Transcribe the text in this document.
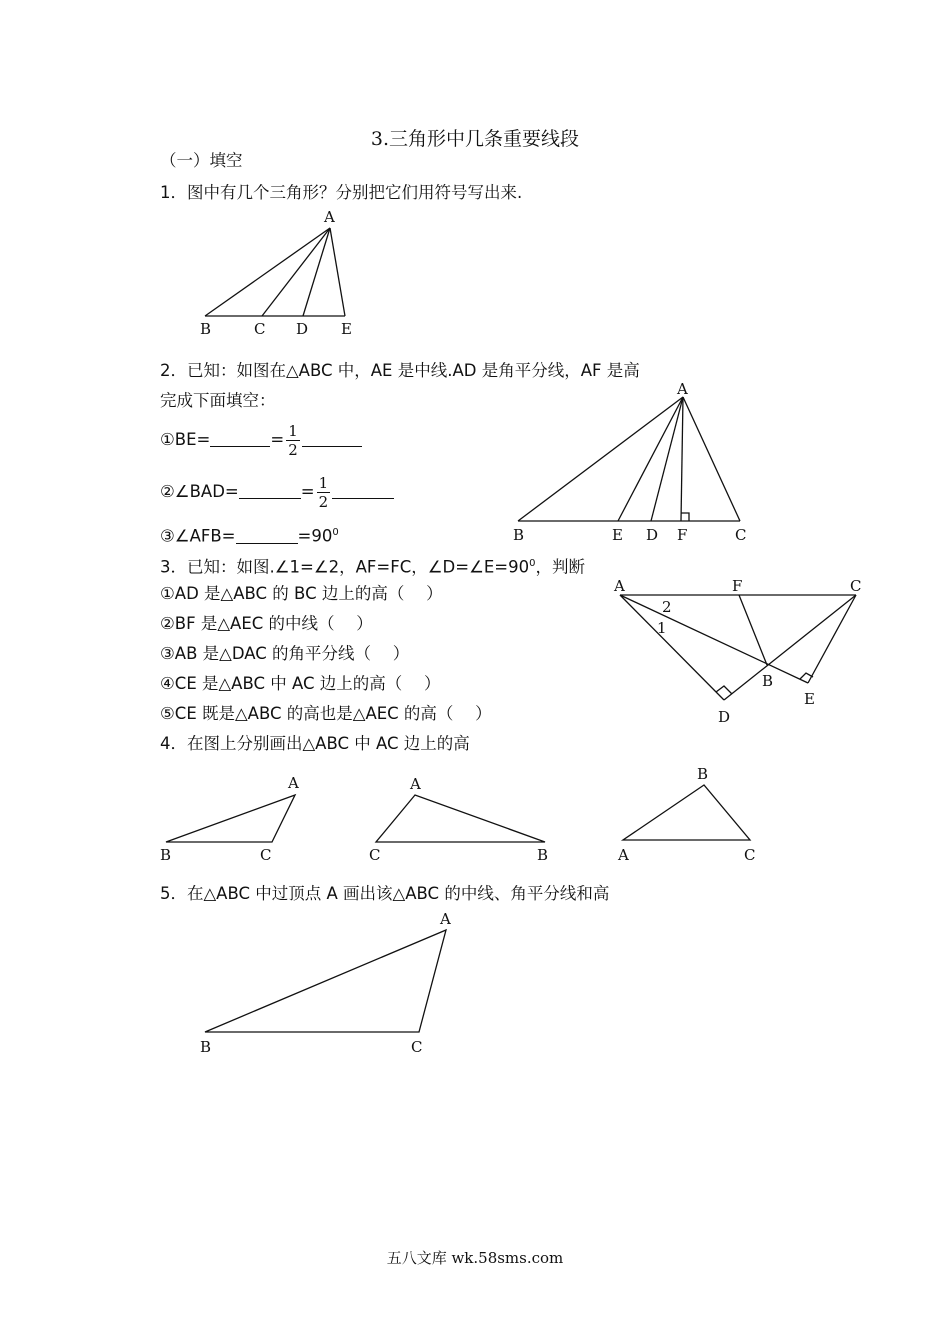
3.三角形中几条重要线段
（一）填空
1．图中有几个三角形？分别把它们用符号写出来.
A
B	C D E
2．已知：如图在△ABC 中，AE 是中线.AD 是角平分线，AF 是高
完成下面填空：
①BE=	= $\frac{1}{2}$
②∠BAD=	= $\frac{1}{2}$
③∠AFB=	$=90^0$
A
B	E D F	C
3．已知：如图.∠1=∠2，AF=FC，$\angle D=\angle E=90^0$，判断
①AD 是△ABC 的 BC 边上的高（　 ）
②BF 是△AEC 的中线（　 ）
③AB 是△DAC 的角平分线（　 ）
④CE 是△ABC 中 AC 边上的高（　 ）
⑤CE 既是△ABC 的高也是△AEC 的高（　 ）
A	F	C
2
1
B
D
E
4．在图上分别画出△ABC 中 AC 边上的高
A
B	C
A
C	B
B
A	C
5．在△ABC 中过顶点 A 画出该△ABC 的中线、角平分线和高
A
B	C
五八文库 wk.58sms.com
